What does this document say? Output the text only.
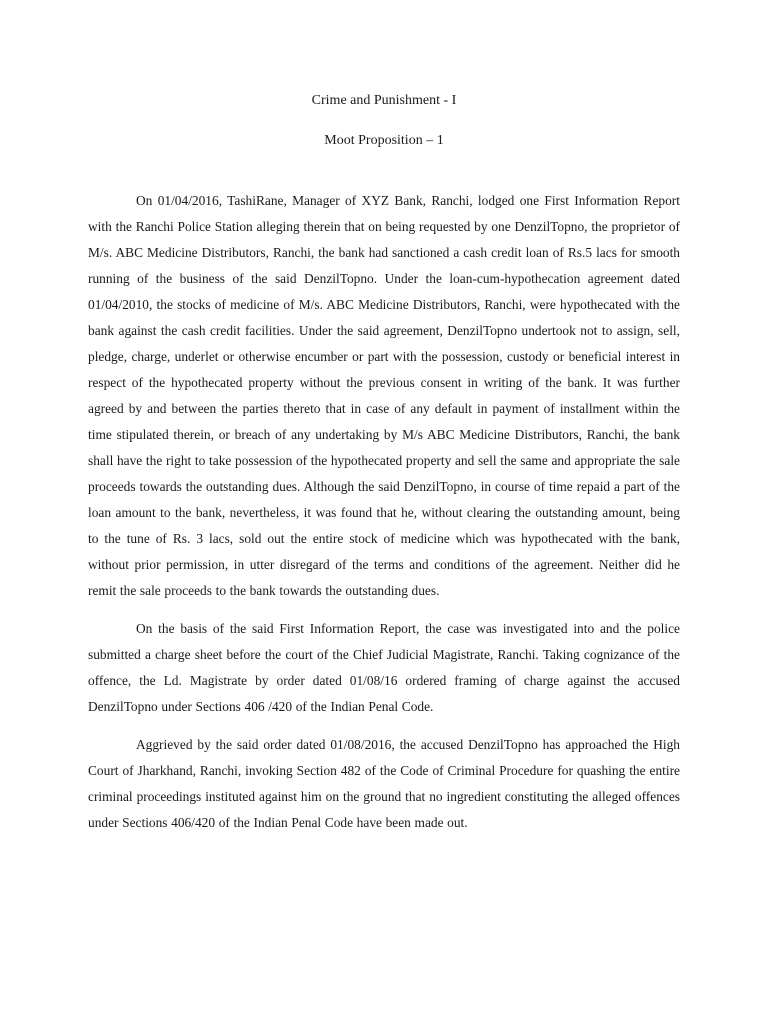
Crime and Punishment - I
Moot Proposition – 1

On 01/04/2016, TashiRane, Manager of XYZ Bank, Ranchi, lodged one First Information Report with the Ranchi Police Station alleging therein that on being requested by one DenzilTopno, the proprietor of M/s. ABC Medicine Distributors, Ranchi, the bank had sanctioned a cash credit loan of Rs.5 lacs for smooth running of the business of the said DenzilTopno. Under the loan-cum-hypothecation agreement dated 01/04/2010, the stocks of medicine of M/s. ABC Medicine Distributors, Ranchi, were hypothecated with the bank against the cash credit facilities. Under the said agreement, DenzilTopno undertook not to assign, sell, pledge, charge, underlet or otherwise encumber or part with the possession, custody or beneficial interest in respect of the hypothecated property without the previous consent in writing of the bank. It was further agreed by and between the parties thereto that in case of any default in payment of installment within the time stipulated therein, or breach of any undertaking by M/s ABC Medicine Distributors, Ranchi, the bank shall have the right to take possession of the hypothecated property and sell the same and appropriate the sale proceeds towards the outstanding dues. Although the said DenzilTopno, in course of time repaid a part of the loan amount to the bank, nevertheless, it was found that he, without clearing the outstanding amount, being to the tune of Rs. 3 lacs, sold out the entire stock of medicine which was hypothecated with the bank, without prior permission, in utter disregard of the terms and conditions of the agreement. Neither did he remit the sale proceeds to the bank towards the outstanding dues.

On the basis of the said First Information Report, the case was investigated into and the police submitted a charge sheet before the court of the Chief Judicial Magistrate, Ranchi. Taking cognizance of the offence, the Ld. Magistrate by order dated 01/08/16 ordered framing of charge against the accused DenzilTopno under Sections 406 /420 of the Indian Penal Code.

Aggrieved by the said order dated 01/08/2016, the accused DenzilTopno has approached the High Court of Jharkhand, Ranchi, invoking Section 482 of the Code of Criminal Procedure for quashing the entire criminal proceedings instituted against him on the ground that no ingredient constituting the alleged offences under Sections 406/420 of the Indian Penal Code have been made out.
